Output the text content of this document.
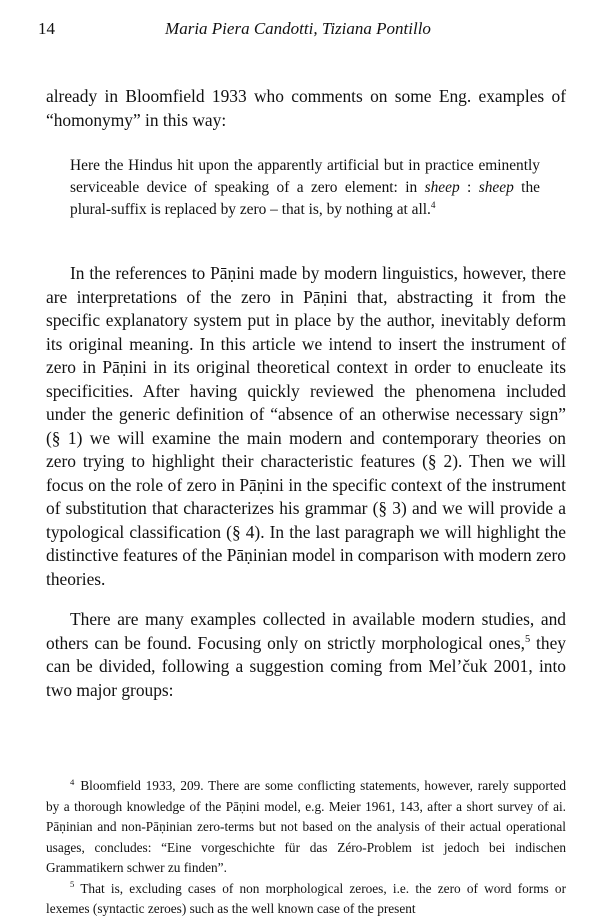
14	Maria Piera Candotti, Tiziana Pontillo

already in Bloomfield 1933 who comments on some Eng. examples of “homonymy” in this way:

Here the Hindus hit upon the apparently artificial but in practice eminently serviceable device of speaking of a zero element: in sheep : sheep the plural-suffix is replaced by zero – that is, by nothing at all.$^4$

In the references to Pāṇini made by modern linguistics, however, there are interpretations of the zero in Pāṇini that, abstracting it from the specific explanatory system put in place by the author, inevitably deform its original meaning. In this article we intend to insert the instrument of zero in Pāṇini in its original theoretical context in order to enucleate its specificities. After having quickly reviewed the phenomena included under the generic definition of “absence of an otherwise necessary sign” (§ 1) we will examine the main modern and contemporary theories on zero trying to highlight their characteristic features (§ 2). Then we will focus on the role of zero in Pāṇini in the specific context of the instrument of substitution that characterizes his grammar (§ 3) and we will provide a typological classification (§ 4). In the last paragraph we will highlight the distinctive features of the Pāṇinian model in comparison with modern zero theories.

There are many examples collected in available modern studies, and others can be found. Focusing only on strictly morphological ones,$^5$ they can be divided, following a suggestion coming from Mel’čuk 2001, into two major groups:

$^4$ Bloomfield 1933, 209. There are some conflicting statements, however, rarely supported by a thorough knowledge of the Pāṇini model, e.g. Meier 1961, 143, after a short survey of ai. Pāṇinian and non-Pāṇinian zero-terms but not based on the analysis of their actual operational usages, concludes: “Eine vorgeschichte für das Zéro-Problem ist jedoch bei indischen Grammatikern schwer zu finden”.

$^5$ That is, excluding cases of non morphological zeroes, i.e. the zero of word forms or lexemes (syntactic zeroes) such as the well known case of the present
